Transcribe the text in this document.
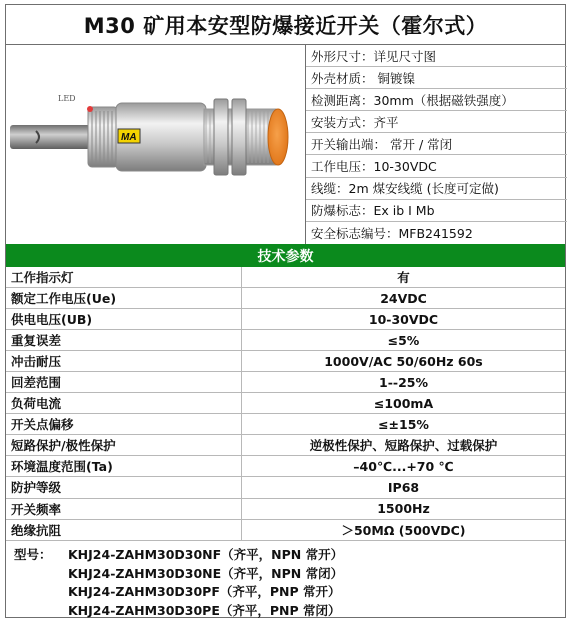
M30 矿用本安型防爆接近开关（霍尔式）
MA
LED
外形尺寸：详见尺寸图
外壳材质： 铜镀镍
检测距离：30mm（根据磁铁强度）
安装方式：齐平
开关输出端： 常开 / 常闭
工作电压：10-30VDC
线缆：2m 煤安线缆 (长度可定做)
防爆标志：Ex ib I Mb
安全标志编号：MFB241592
技术参数
工作指示灯	有
额定工作电压(Ue)	24VDC
供电电压(UB)	10-30VDC
重复误差	≤5%
冲击耐压	1000V/AC 50/60Hz 60s
回差范围	1--25%
负荷电流	≤100mA
开关点偏移	≤±15%
短路保护/极性保护	逆极性保护、短路保护、过载保护
环境温度范围(Ta)	–40℃...+70 ℃
防护等级	IP68
开关频率	1500Hz
绝缘抗阻	＞50MΩ (500VDC)
型号：	KHJ24-ZAHM30D30NF（齐平，NPN 常开）
KHJ24-ZAHM30D30NE（齐平，NPN 常闭）
KHJ24-ZAHM30D30PF（齐平，PNP 常开）
KHJ24-ZAHM30D30PE（齐平，PNP 常闭）
